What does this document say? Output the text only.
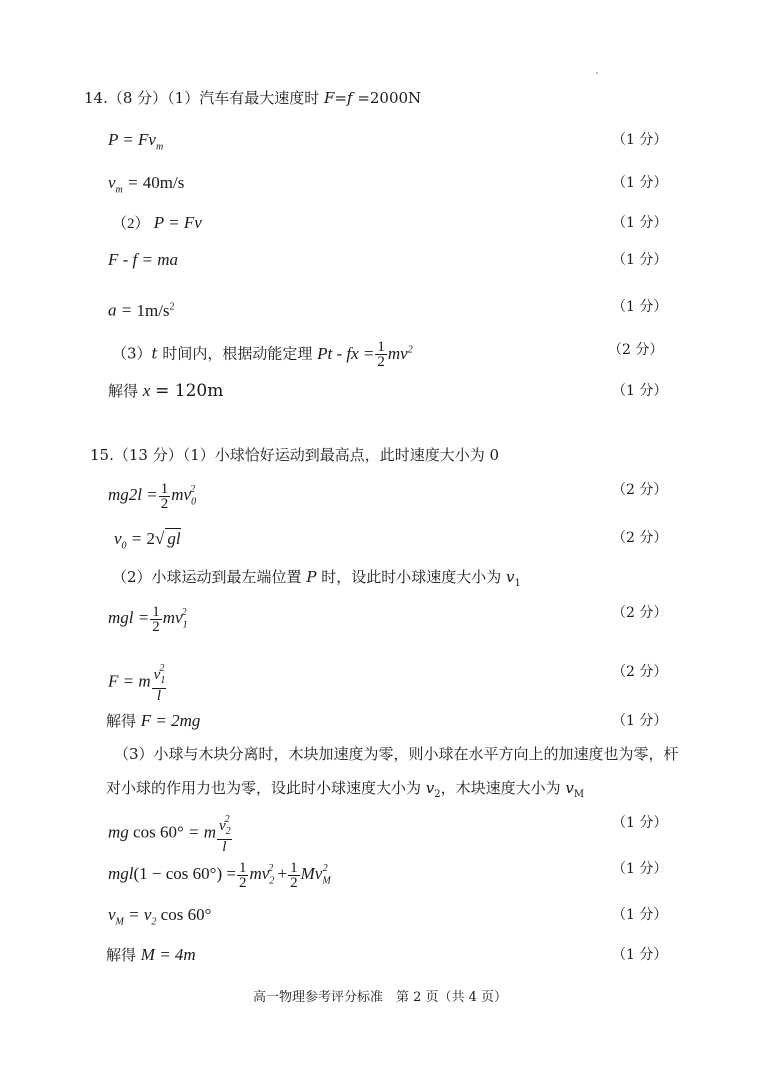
14.（8 分）（1）汽车有最大速度时 F=f =2000N
$P = Fv_m$	（1 分）
$v_m = 40m/s$	（1 分）
（2） P = Fv	（1 分）
F - f = ma	（1 分）
$a = 1m/s^2$	（1 分）
（3）t 时间内，根据动能定理 Pt - fx = $\frac{1}{2} mv^2$	（2 分）
解得 x = 120m	（1 分）
15.（13 分）（1）小球恰好运动到最高点，此时速度大小为 0
$mg2l = \frac{1}{2} mv_0^2$	（2 分）
$v_0 = 2√$ gl	（2 分）
（2）小球运动到最左端位置 P 时，设此时小球速度大小为 $v_1$
mgl = $\frac{1}{2} mv_1^2$	（2 分）
F = m $\frac{v_1^2}{l}$	（2 分）
解得 F = 2mg	（1 分）
（3）小球与木块分离时，木块加速度为零，则小球在水平方向上的加速度也为零，杆
对小球的作用力也为零，设此时小球速度大小为 $v_2$，木块速度大小为 $v_M$
mg cos 60° = m $\frac{v_2^2}{l}$	（1 分）
$mgl(1 - \cos 60^\circ) = \frac{1}{2} mv_2^2 + \frac{1}{2} Mv_M^2$	（1 分）
$v_M = v_2$ cos 60°	（1 分）
解得 M = 4m	（1 分）
高一物理参考评分标准　第 2 页（共 4 页）
